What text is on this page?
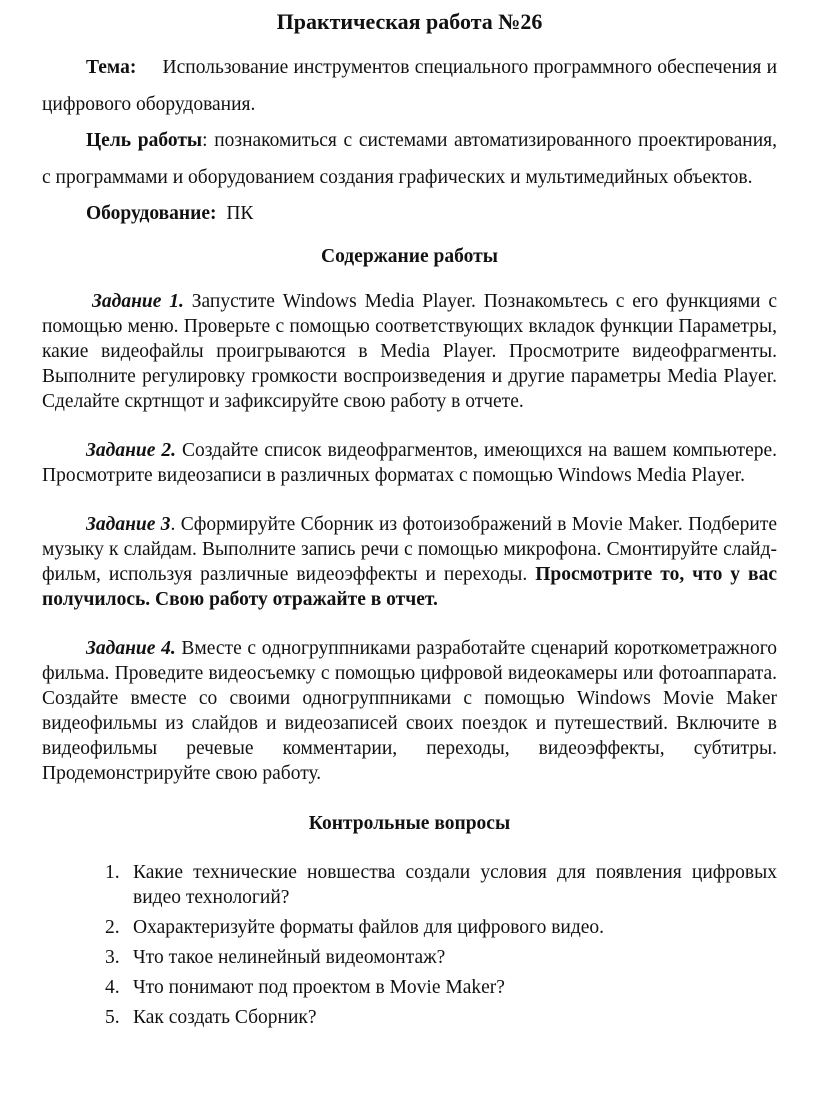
Практическая работа №26

Тема: Использование инструментов специального программного обеспечения и цифрового оборудования.

Цель работы: познакомиться с системами автоматизированного проектирования, с программами и оборудованием создания графических и мультимедийных объектов.

Оборудование: ПК

Содержание работы

Задание 1. Запустите Windows Media Player. Познакомьтесь с его функциями с помощью меню. Проверьте с помощью соответствующих вкладок функции Параметры, какие видеофайлы проигрываются в Media Player. Просмотрите видеофрагменты. Выполните регулировку громкости воспроизведения и другие параметры Media Player. Сделайте скртнщот и зафиксируйте свою работу в отчете.

Задание 2. Создайте список видеофрагментов, имеющихся на вашем компьютере. Просмотрите видеозаписи в различных форматах с помощью Windows Media Player.

Задание 3. Сформируйте Сборник из фотоизображений в Movie Maker. Подберите музыку к слайдам. Выполните запись речи с помощью микрофона. Смонтируйте слайд-фильм, используя различные видеоэффекты и переходы. Просмотрите то, что у вас получилось. Свою работу отражайте в отчет.

Задание 4. Вместе с одногруппниками разработайте сценарий короткометражного фильма. Проведите видеосъемку с помощью цифровой видеокамеры или фотоаппарата. Создайте вместе со своими одногруппниками с помощью Windows Movie Maker видеофильмы из слайдов и видеозаписей своих поездок и путешествий. Включите в видеофильмы речевые комментарии, переходы, видеоэффекты, субтитры. Продемонстрируйте свою работу.

Контрольные вопросы
1. Какие технические новшества создали условия для появления цифровых видео технологий?
2. Охарактеризуйте форматы файлов для цифрового видео.
3. Что такое нелинейный видеомонтаж?
4. Что понимают под проектом в Movie Maker?
5. Как создать Сборник?
